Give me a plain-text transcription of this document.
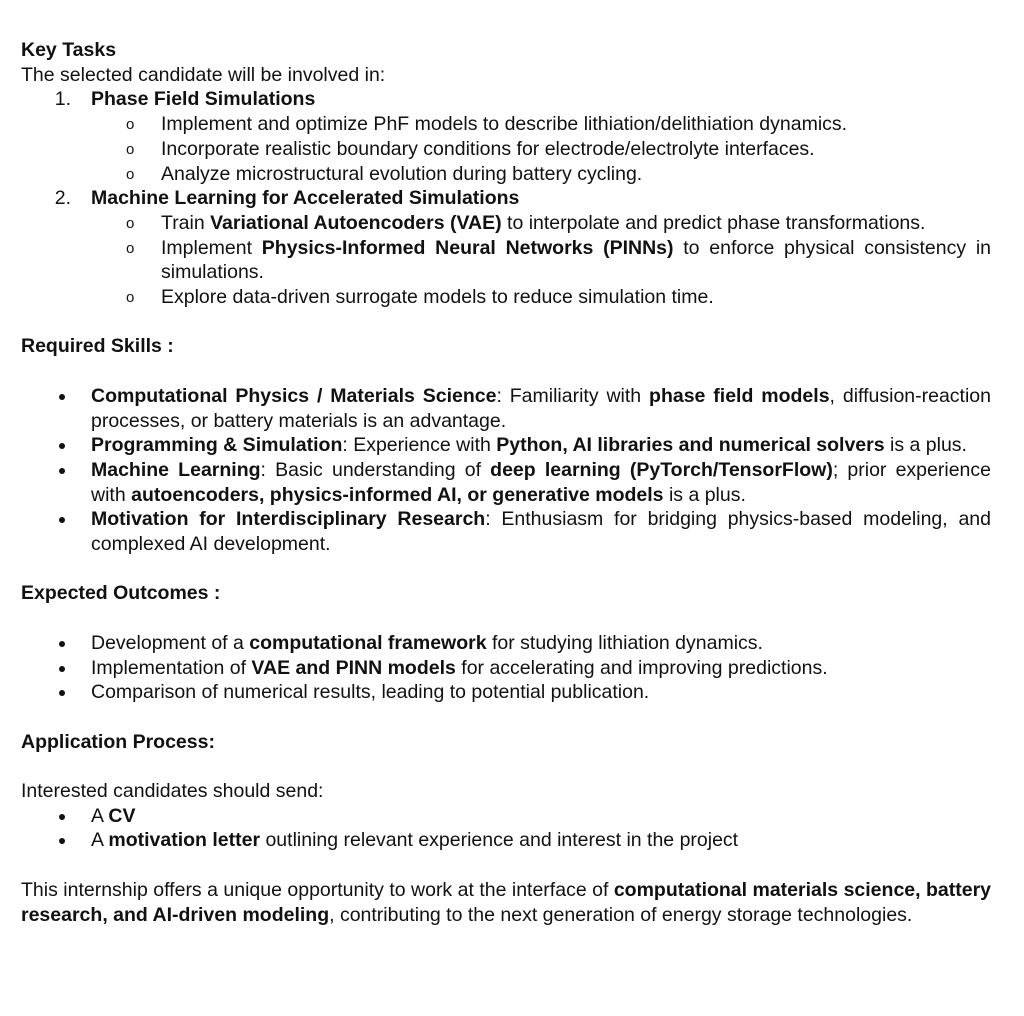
Key Tasks
The selected candidate will be involved in:
1.	Phase Field Simulations
o
Implement and optimize PhF models to describe lithiation/delithiation dynamics.
o
Incorporate realistic boundary conditions for electrode/electrolyte interfaces.
o
Analyze microstructural evolution during battery cycling.
2.	Machine Learning for Accelerated Simulations
o
Train Variational Autoencoders (VAE) to interpolate and predict phase transformations.
o
Implement Physics-Informed Neural Networks (PINNs) to enforce physical consistency in simulations.
o
Explore data-driven surrogate models to reduce simulation time.
Required Skills :
Computational Physics / Materials Science: Familiarity with phase field models, diffusion-reaction processes, or battery materials is an advantage.
Programming & Simulation: Experience with Python, AI libraries and numerical solvers is a plus.
Machine Learning: Basic understanding of deep learning (PyTorch/TensorFlow); prior experience with autoencoders, physics-informed AI, or generative models is a plus.
Motivation for Interdisciplinary Research: Enthusiasm for bridging physics-based modeling, and complexed AI development.
Expected Outcomes :
Development of a computational framework for studying lithiation dynamics.
Implementation of VAE and PINN models for accelerating and improving predictions.
Comparison of numerical results, leading to potential publication.
Application Process:
Interested candidates should send:
A CV
A motivation letter outlining relevant experience and interest in the project
This internship offers a unique opportunity to work at the interface of computational materials science, battery research, and AI-driven modeling, contributing to the next generation of energy storage technologies.
